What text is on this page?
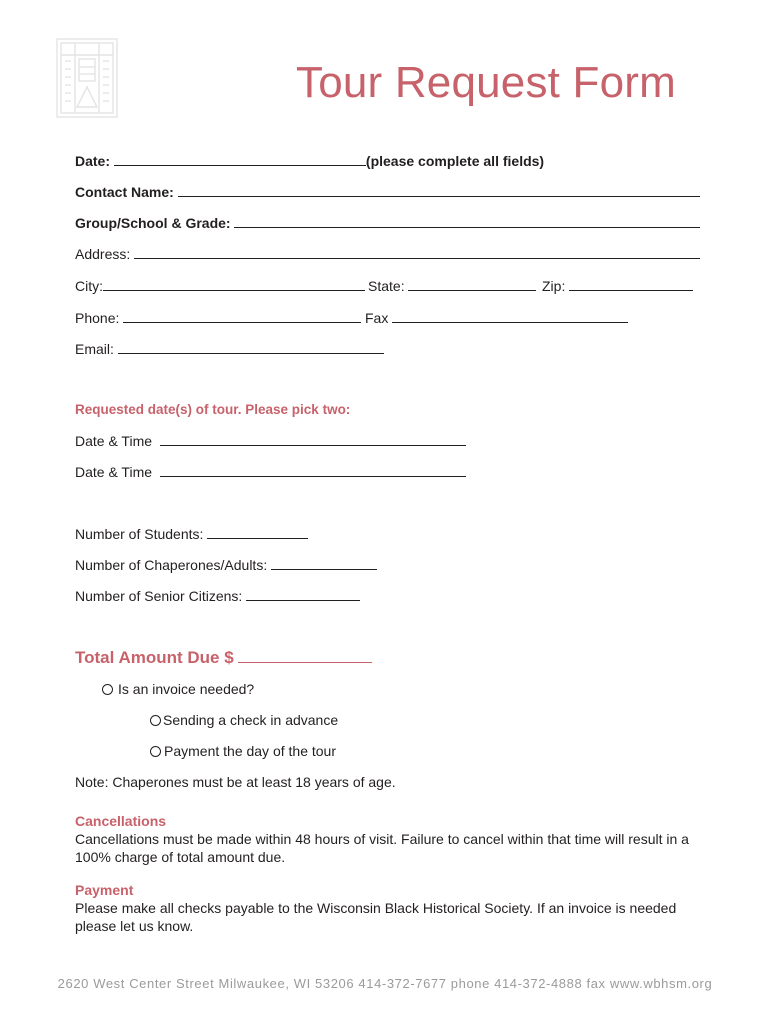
Tour Request Form
Date:	(please complete all fields)
Contact Name:
Group/School & Grade:
Address:
City:	State:	Zip:
Phone:	Fax
Email:
Requested date(s) of tour. Please pick two:
Date & Time
Date & Time
Number of Students:
Number of Chaperones/Adults:
Number of Senior Citizens:
Total Amount Due $
Is an invoice needed?
Sending a check in advance
Payment the day of the tour
Note: Chaperones must be at least 18 years of age.
Cancellations
Cancellations must be made within 48 hours of visit. Failure to cancel within that time will result in a 100% charge of total amount due.
Payment
Please make all checks payable to the Wisconsin Black Historical Society. If an invoice is needed please let us know.
2620 West Center Street Milwaukee, WI 53206 414-372-7677 phone 414-372-4888 fax www.wbhsm.org
